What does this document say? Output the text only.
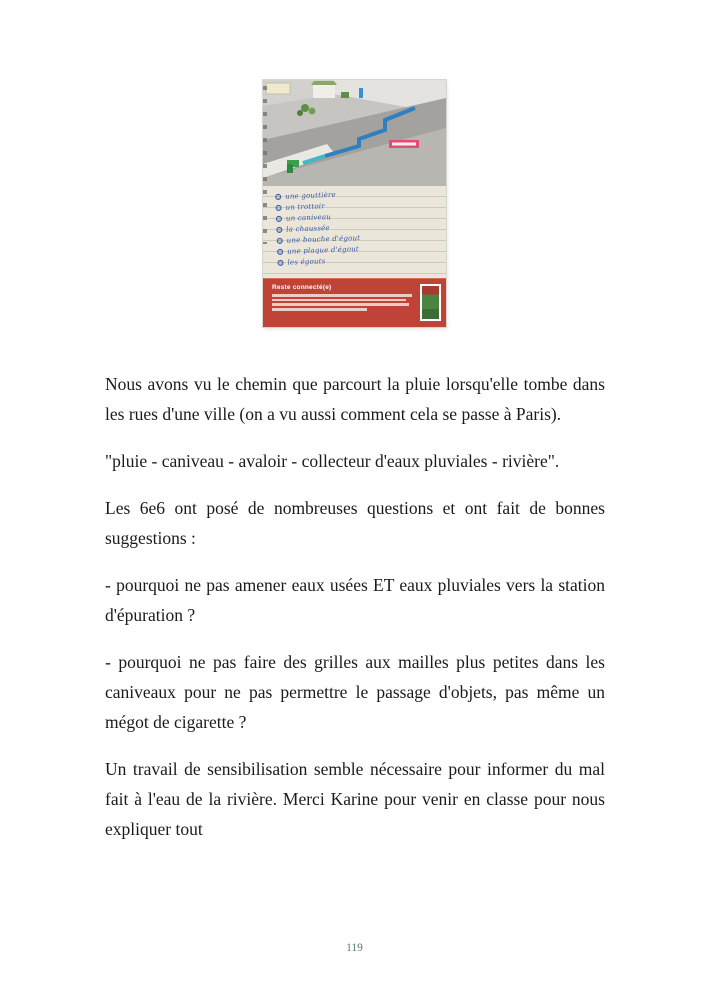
une gouttière
un trottoir
un caniveau
la chaussée
une bouche d'égout
une plaque d'égout
les égouts
Reste connecté(e)

Nous avons vu le chemin que parcourt la pluie lorsqu'elle tombe dans les rues d'une ville (on a vu aussi comment cela se passe à Paris).

"pluie - caniveau - avaloir - collecteur d'eaux pluviales - rivière".

Les 6e6 ont posé de nombreuses questions et ont fait de bonnes suggestions :

- pourquoi ne pas amener eaux usées ET eaux pluviales vers la station d'épuration ?

- pourquoi ne pas faire des grilles aux mailles plus petites dans les caniveaux pour ne pas permettre le passage d'objets, pas même un mégot de cigarette ?

Un travail de sensibilisation semble nécessaire pour informer du mal fait à l'eau de la rivière. Merci Karine pour venir en classe pour nous expliquer tout

119
